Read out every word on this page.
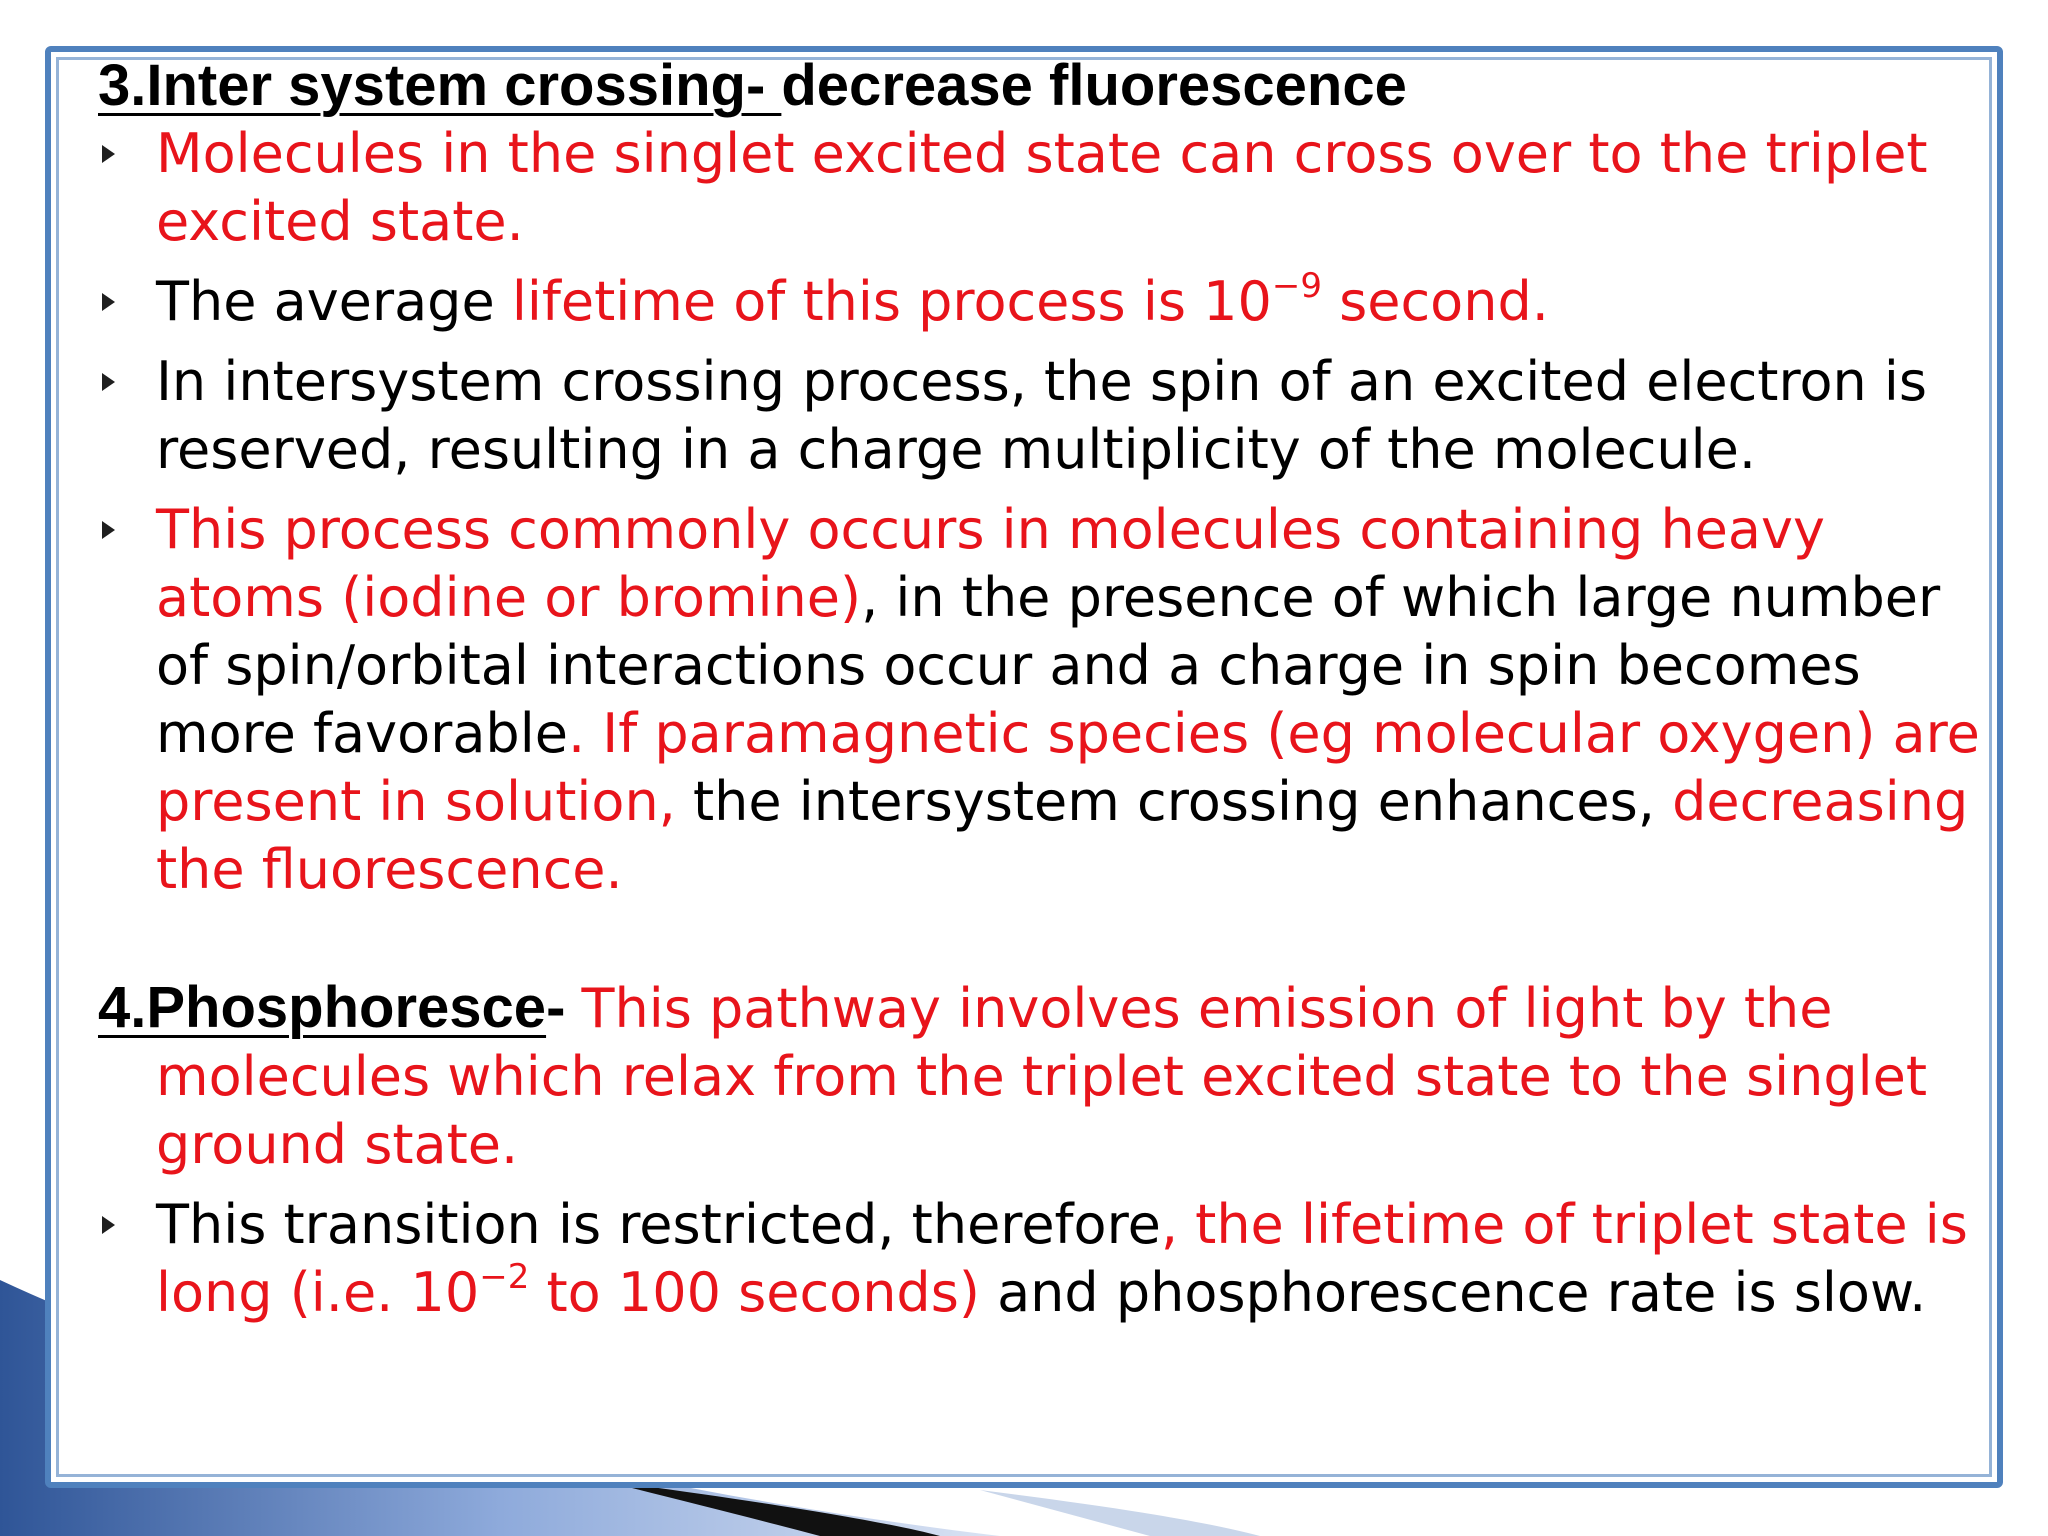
3.Inter system crossing- decrease fluorescence

Molecules in the singlet excited state can cross over to the triplet excited state.
The average lifetime of this process is $10^{-9}$ second.
In intersystem crossing process, the spin of an excited electron is reserved, resulting in a charge multiplicity of the molecule.
This process commonly occurs in molecules containing heavy atoms (iodine or bromine), in the presence of which large number of spin/orbital interactions occur and a charge in spin becomes more favorable. If paramagnetic species (eg molecular oxygen) are present in solution, the intersystem crossing enhances, decreasing the fluorescence.

4.Phosphoresce- This pathway involves emission of light by the molecules which relax from the triplet excited state to the singlet ground state.

This transition is restricted, therefore, the lifetime of triplet state is long (i.e. $10^{-2}$ to 100 seconds) and phosphorescence rate is slow.
